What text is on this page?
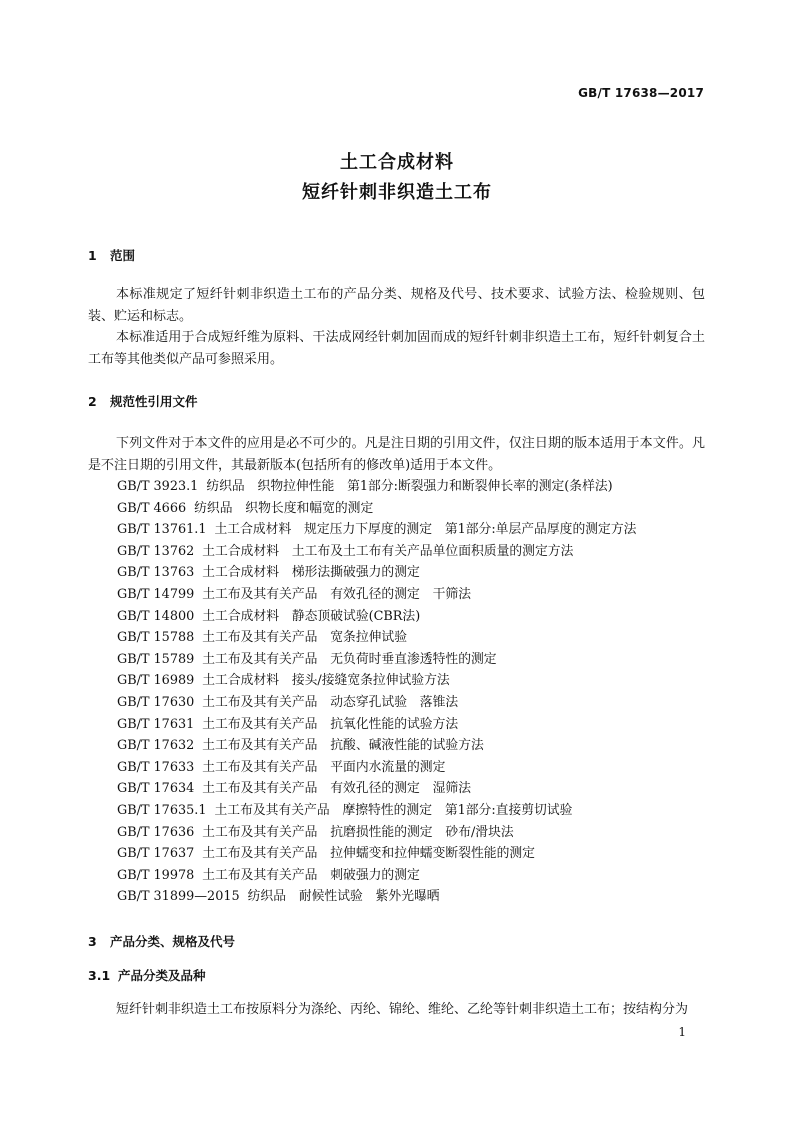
GB/T 17638—2017
土工合成材料
短纤针刺非织造土工布
1 范围
本标准规定了短纤针刺非织造土工布的产品分类、规格及代号、技术要求、试验方法、检验规则、包装、贮运和标志。
本标准适用于合成短纤维为原料、干法成网经针刺加固而成的短纤针刺非织造土工布，短纤针刺复合土工布等其他类似产品可参照采用。
2 规范性引用文件
下列文件对于本文件的应用是必不可少的。凡是注日期的引用文件，仅注日期的版本适用于本文件。凡是不注日期的引用文件，其最新版本(包括所有的修改单)适用于本文件。
GB/T 3923.1 纺织品　织物拉伸性能　第1部分:断裂强力和断裂伸长率的测定(条样法)
GB/T 4666 纺织品　织物长度和幅宽的测定
GB/T 13761.1 土工合成材料　规定压力下厚度的测定　第1部分:单层产品厚度的测定方法
GB/T 13762 土工合成材料　土工布及土工布有关产品单位面积质量的测定方法
GB/T 13763 土工合成材料　梯形法撕破强力的测定
GB/T 14799 土工布及其有关产品　有效孔径的测定　干筛法
GB/T 14800 土工合成材料　静态顶破试验(CBR法)
GB/T 15788 土工布及其有关产品　宽条拉伸试验
GB/T 15789 土工布及其有关产品　无负荷时垂直渗透特性的测定
GB/T 16989 土工合成材料　接头/接缝宽条拉伸试验方法
GB/T 17630 土工布及其有关产品　动态穿孔试验　落锥法
GB/T 17631 土工布及其有关产品　抗氧化性能的试验方法
GB/T 17632 土工布及其有关产品　抗酸、碱液性能的试验方法
GB/T 17633 土工布及其有关产品　平面内水流量的测定
GB/T 17634 土工布及其有关产品　有效孔径的测定　湿筛法
GB/T 17635.1 土工布及其有关产品　摩擦特性的测定　第1部分:直接剪切试验
GB/T 17636 土工布及其有关产品　抗磨损性能的测定　砂布/滑块法
GB/T 17637 土工布及其有关产品　拉伸蠕变和拉伸蠕变断裂性能的测定
GB/T 19978 土工布及其有关产品　刺破强力的测定
GB/T 31899—2015 纺织品　耐候性试验　紫外光曝晒
3 产品分类、规格及代号
3.1 产品分类及品种
短纤针刺非织造土工布按原料分为涤纶、丙纶、锦纶、维纶、乙纶等针刺非织造土工布；按结构分为
1
